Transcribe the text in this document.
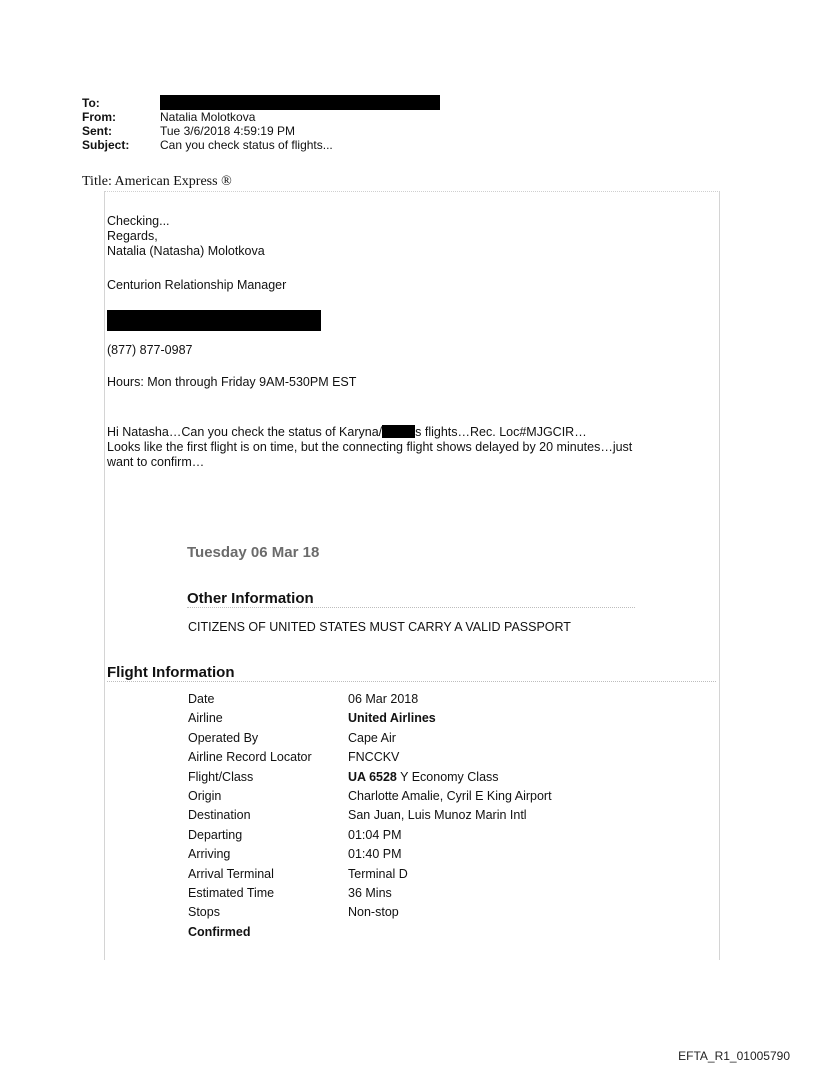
To:
From:	Natalia Molotkova
Sent:	Tue 3/6/2018 4:59:19 PM
Subject:	Can you check status of flights...
Title: American Express ®
Checking...
Regards,
Natalia (Natasha) Molotkova
Centurion Relationship Manager
(877) 877-0987
Hours: Mon through Friday 9AM-530PM EST
Hi Natasha…Can you check the status of Karyna/	s flights…Rec. Loc#MJGCIR…
Looks like the first flight is on time, but the connecting flight shows delayed by 20 minutes…just
want to confirm…
Tuesday 06 Mar 18
Other Information
CITIZENS OF UNITED STATES MUST CARRY A VALID PASSPORT
Flight Information
Date	06 Mar 2018
Airline	United Airlines
Operated By	Cape Air
Airline Record Locator	FNCCKV
Flight/Class	UA 6528 Y Economy Class
Origin	Charlotte Amalie, Cyril E King Airport
Destination	San Juan, Luis Munoz Marin Intl
Departing	01:04 PM
Arriving	01:40 PM
Arrival Terminal	Terminal D
Estimated Time	36 Mins
Stops	Non-stop
Confirmed	
EFTA_R1_01005790
